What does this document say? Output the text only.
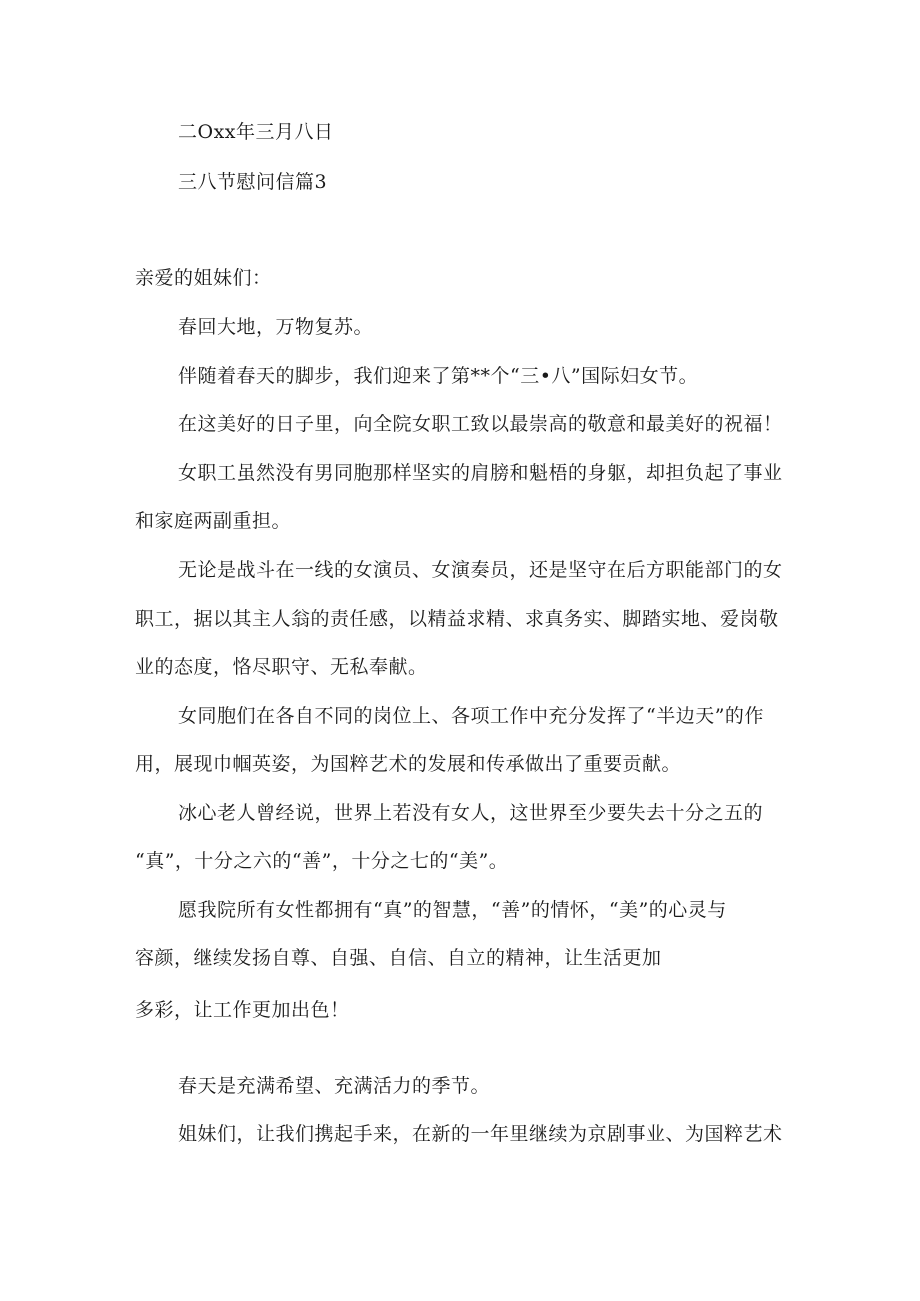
二Oxx年三月八日
三八节慰问信篇3
亲爱的姐妹们：
春回大地，万物复苏。
伴随着春天的脚步，我们迎来了第**个“三•八”国际妇女节。
在这美好的日子里，向全院女职工致以最崇高的敬意和最美好的祝福！
女职工虽然没有男同胞那样坚实的肩膀和魁梧的身躯，却担负起了事业
和家庭两副重担。
无论是战斗在一线的女演员、女演奏员，还是坚守在后方职能部门的女
职工，据以其主人翁的责任感，以精益求精、求真务实、脚踏实地、爱岗敬
业的态度，恪尽职守、无私奉献。
女同胞们在各自不同的岗位上、各项工作中充分发挥了“半边天”的作
用，展现巾帼英姿，为国粹艺术的发展和传承做出了重要贡献。
冰心老人曾经说，世界上若没有女人，这世界至少要失去十分之五的
“真”，十分之六的“善”，十分之七的“美”。
愿我院所有女性都拥有“真”的智慧，“善”的情怀，“美”的心灵与
容颜，继续发扬自尊、自强、自信、自立的精神，让生活更加
多彩，让工作更加出色！
春天是充满希望、充满活力的季节。
姐妹们，让我们携起手来，在新的一年里继续为京剧事业、为国粹艺术
